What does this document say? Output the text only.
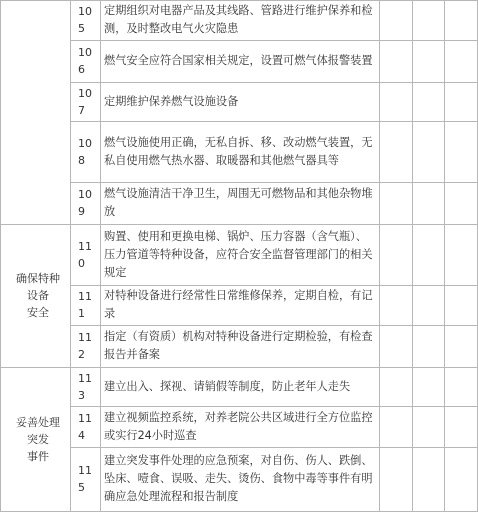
确保特种
设备
安全
妥善处理
突发
事件
10
5
定期组织对电器产品及其线路、管路进行维护保养和检测，及时整改电气火灾隐患
10
6
燃气安全应符合国家相关规定，设置可燃气体报警装置
10
7
定期维护保养燃气设施设备
10
8
燃气设施使用正确，无私自拆、移、改动燃气装置，无私自使用燃气热水器、取暖器和其他燃气器具等
10
9
燃气设施清洁干净卫生，周围无可燃物品和其他杂物堆放
11
0
购置、使用和更换电梯、锅炉、压力容器（含气瓶）、压力管道等特种设备，应符合安全监督管理部门的相关规定
11
1
对特种设备进行经常性日常维修保养，定期自检，有记录
11
2
指定（有资质）机构对特种设备进行定期检验，有检查报告并备案
11
3
建立出入、探视、请销假等制度，防止老年人走失
11
4
建立视频监控系统，对养老院公共区域进行全方位监控或实行24小时巡查
11
5
建立突发事件处理的应急预案，对自伤、伤人、跌倒、坠床、噎食、误吸、走失、烫伤、食物中毒等事件有明确应急处理流程和报告制度
